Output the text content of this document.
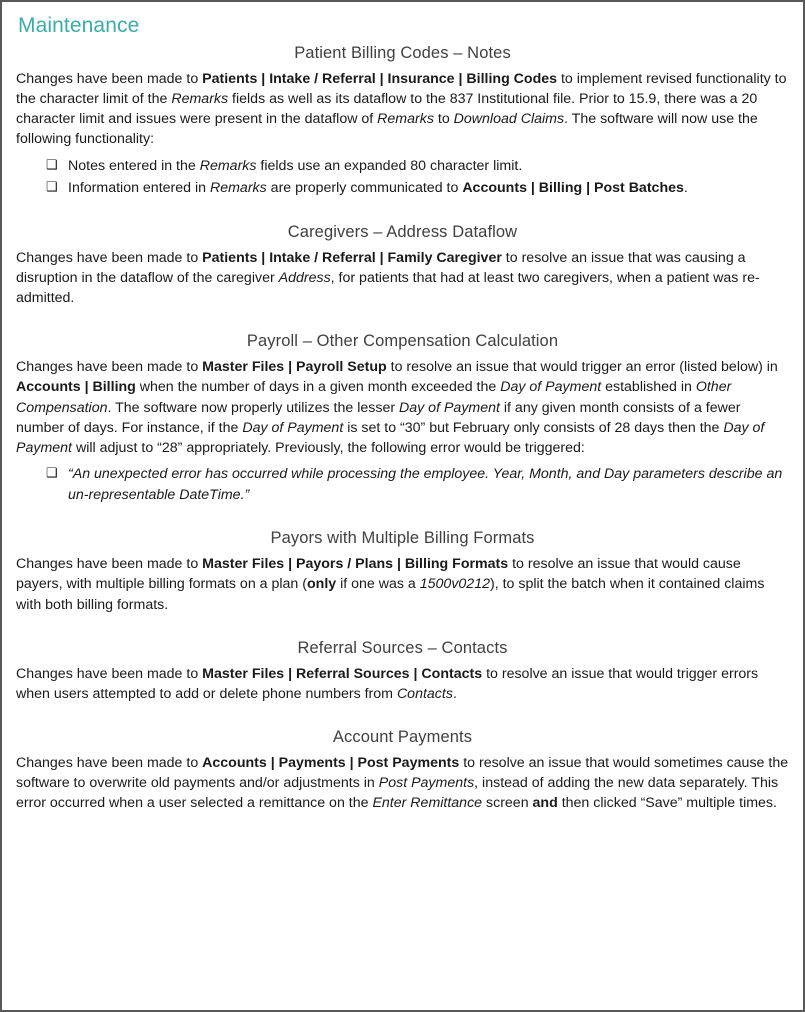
Maintenance
Patient Billing Codes – Notes

Changes have been made to Patients | Intake / Referral | Insurance | Billing Codes to implement revised functionality to the character limit of the Remarks fields as well as its dataflow to the 837 Institutional file. Prior to 15.9, there was a 20 character limit and issues were present in the dataflow of Remarks to Download Claims. The software will now use the following functionality:

❑ Notes entered in the Remarks fields use an expanded 80 character limit.
❑ Information entered in Remarks are properly communicated to Accounts | Billing | Post Batches.
Caregivers – Address Dataflow

Changes have been made to Patients | Intake / Referral | Family Caregiver to resolve an issue that was causing a disruption in the dataflow of the caregiver Address, for patients that had at least two caregivers, when a patient was re-admitted.

Payroll – Other Compensation Calculation

Changes have been made to Master Files | Payroll Setup to resolve an issue that would trigger an error (listed below) in Accounts | Billing when the number of days in a given month exceeded the Day of Payment established in Other Compensation. The software now properly utilizes the lesser Day of Payment if any given month consists of a fewer number of days. For instance, if the Day of Payment is set to “30” but February only consists of 28 days then the Day of Payment will adjust to “28” appropriately. Previously, the following error would be triggered:

❑ “An unexpected error has occurred while processing the employee. Year, Month, and Day parameters describe an un-representable DateTime.”
Payors with Multiple Billing Formats

Changes have been made to Master Files | Payors / Plans | Billing Formats to resolve an issue that would cause payers, with multiple billing formats on a plan (only if one was a 1500v0212), to split the batch when it contained claims with both billing formats.

Referral Sources – Contacts

Changes have been made to Master Files | Referral Sources | Contacts to resolve an issue that would trigger errors when users attempted to add or delete phone numbers from Contacts.

Account Payments

Changes have been made to Accounts | Payments | Post Payments to resolve an issue that would sometimes cause the software to overwrite old payments and/or adjustments in Post Payments, instead of adding the new data separately. This error occurred when a user selected a remittance on the Enter Remittance screen and then clicked “Save” multiple times.
